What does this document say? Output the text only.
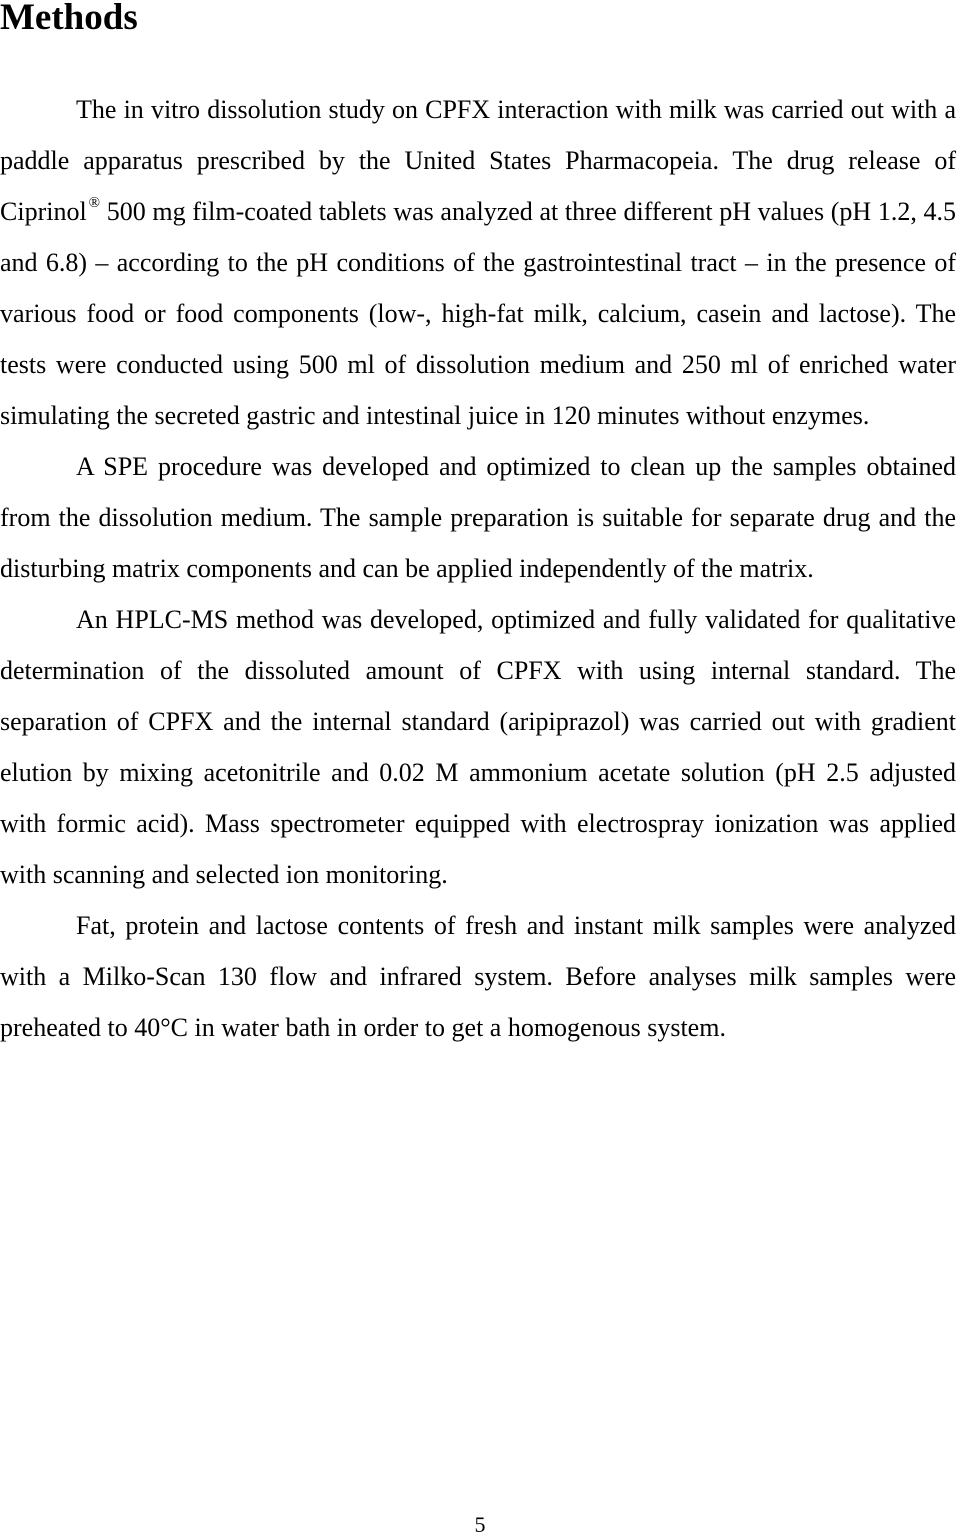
Methods

The in vitro dissolution study on CPFX interaction with milk was carried out with a paddle apparatus prescribed by the United States Pharmacopeia. The drug release of Ciprinol ® 500 mg film-coated tablets was analyzed at three different pH values (pH 1.2, 4.5 and 6.8) – according to the pH conditions of the gastrointestinal tract – in the presence of various food or food components (low-, high-fat milk, calcium, casein and lactose). The tests were conducted using 500 ml of dissolution medium and 250 ml of enriched water simulating the secreted gastric and intestinal juice in 120 minutes without enzymes.

A SPE procedure was developed and optimized to clean up the samples obtained from the dissolution medium. The sample preparation is suitable for separate drug and the disturbing matrix components and can be applied independently of the matrix.

An HPLC-MS method was developed, optimized and fully validated for qualitative determination of the dissoluted amount of CPFX with using internal standard. The separation of CPFX and the internal standard (aripiprazol) was carried out with gradient elution by mixing acetonitrile and 0.02 M ammonium acetate solution (pH 2.5 adjusted with formic acid). Mass spectrometer equipped with electrospray ionization was applied with scanning and selected ion monitoring.

Fat, protein and lactose contents of fresh and instant milk samples were analyzed with a Milko-Scan 130 flow and infrared system. Before analyses milk samples were preheated to 40°C in water bath in order to get a homogenous system.

5
